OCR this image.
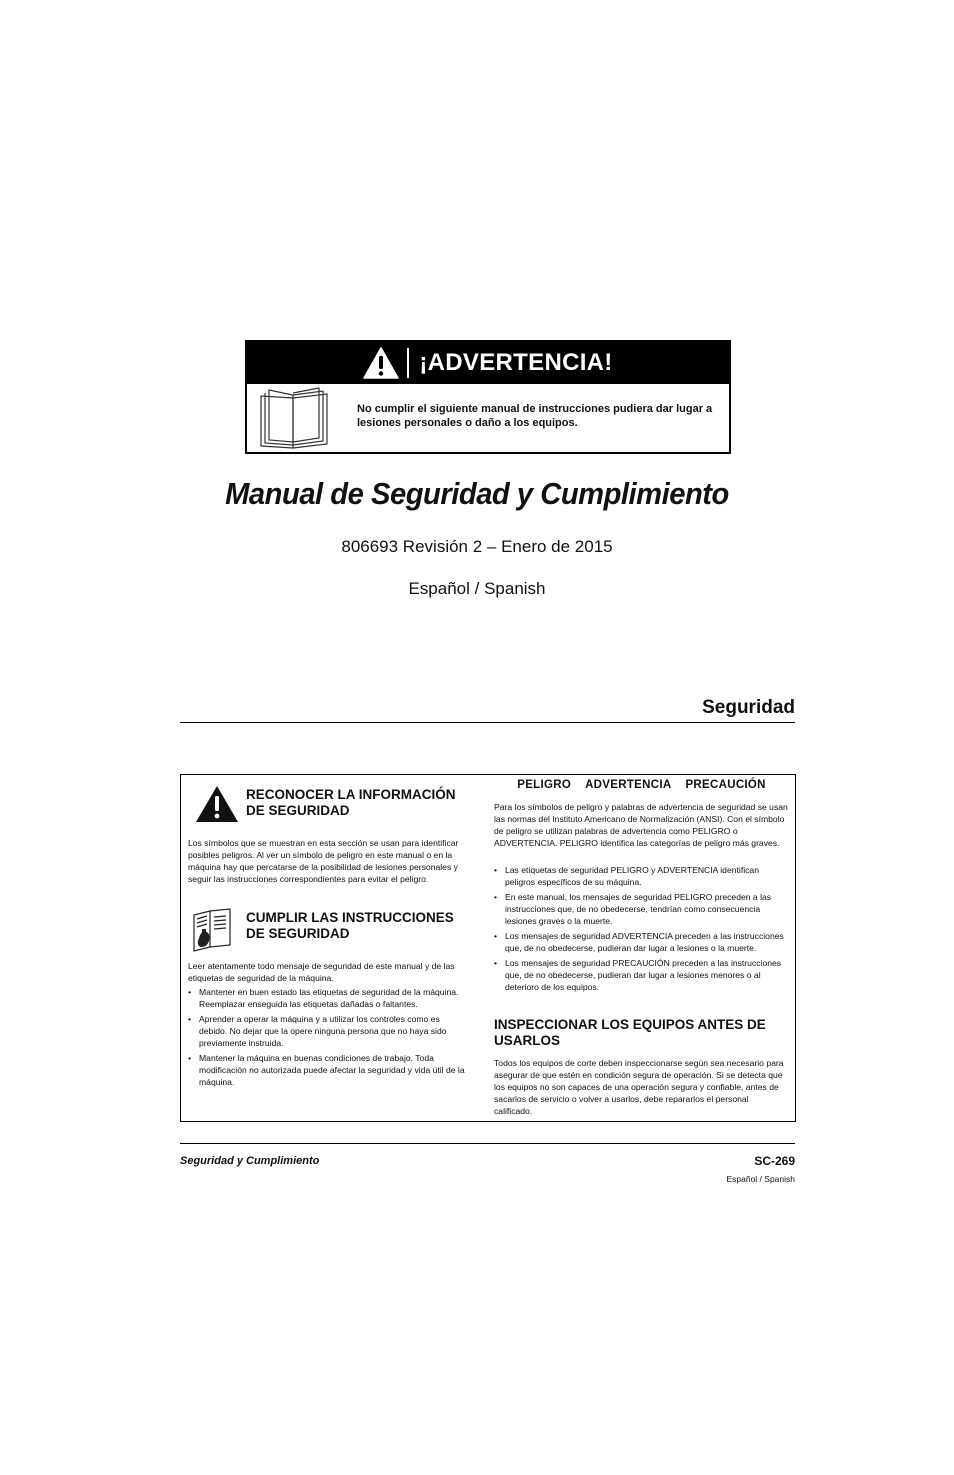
¡ADVERTENCIA!
No cumplir el siguiente manual de instrucciones pudiera dar lugar a lesiones personales o daño a los equipos.
Manual de Seguridad y Cumplimiento
806693 Revisión 2 – Enero de 2015
Español / Spanish
Seguridad
RECONOCER LA INFORMACIÓN DE SEGURIDAD
Los símbolos que se muestran en esta sección se usan para identificar posibles peligros. Al ver un símbolo de peligro en este manual o en la máquina hay que percatarse de la posibilidad de lesiones personales y seguir las instrucciones correspondientes para evitar el peligro.
CUMPLIR LAS INSTRUCCIONES DE SEGURIDAD
Leer atentamente todo mensaje de seguridad de este manual y de las etiquetas de seguridad de la máquina.
• Mantener en buen estado las etiquetas de seguridad de la máquina. Reemplazar enseguida las etiquetas dañadas o faltantes.
• Aprender a operar la máquina y a utilizar los controles como es debido. No dejar que la opere ninguna persona que no haya sido previamente instruida.
• Mantener la máquina en buenas condiciones de trabajo. Toda modificación no autorizada puede afectar la seguridad y vida útil de la máquina.
PELIGRO ADVERTENCIA PRECAUCIÓN
Para los símbolos de peligro y palabras de advertencia de seguridad se usan las normas del Instituto Americano de Normalización (ANSI). Con el símbolo de peligro se utilizan palabras de advertencia como PELIGRO o ADVERTENCIA. PELIGRO identifica las categorías de peligro más graves.
• Las etiquetas de seguridad PELIGRO y ADVERTENCIA identifican peligros específicos de su máquina.
• En este manual, los mensajes de seguridad PELIGRO preceden a las instrucciones que, de no obedecerse, tendrían como consecuencia lesiones graves o la muerte.
• Los mensajes de seguridad ADVERTENCIA preceden a las instrucciones que, de no obedecerse, pudieran dar lugar a lesiones o la muerte.
• Los mensajes de seguridad PRECAUCIÓN preceden a las instrucciones que, de no obedecerse, pudieran dar lugar a lesiones menores o al deterioro de los equipos.
INSPECCIONAR LOS EQUIPOS ANTES DE USARLOS
Todos los equipos de corte deben inspeccionarse según sea necesario para asegurar de que estén en condición segura de operación. Si se detecta que los equipos no son capaces de una operación segura y confiable, antes de sacarlos de servicio o volver a usarlos, debe repararlos el personal calificado.
Seguridad y Cumplimiento	SC-269
Español / Spanish
